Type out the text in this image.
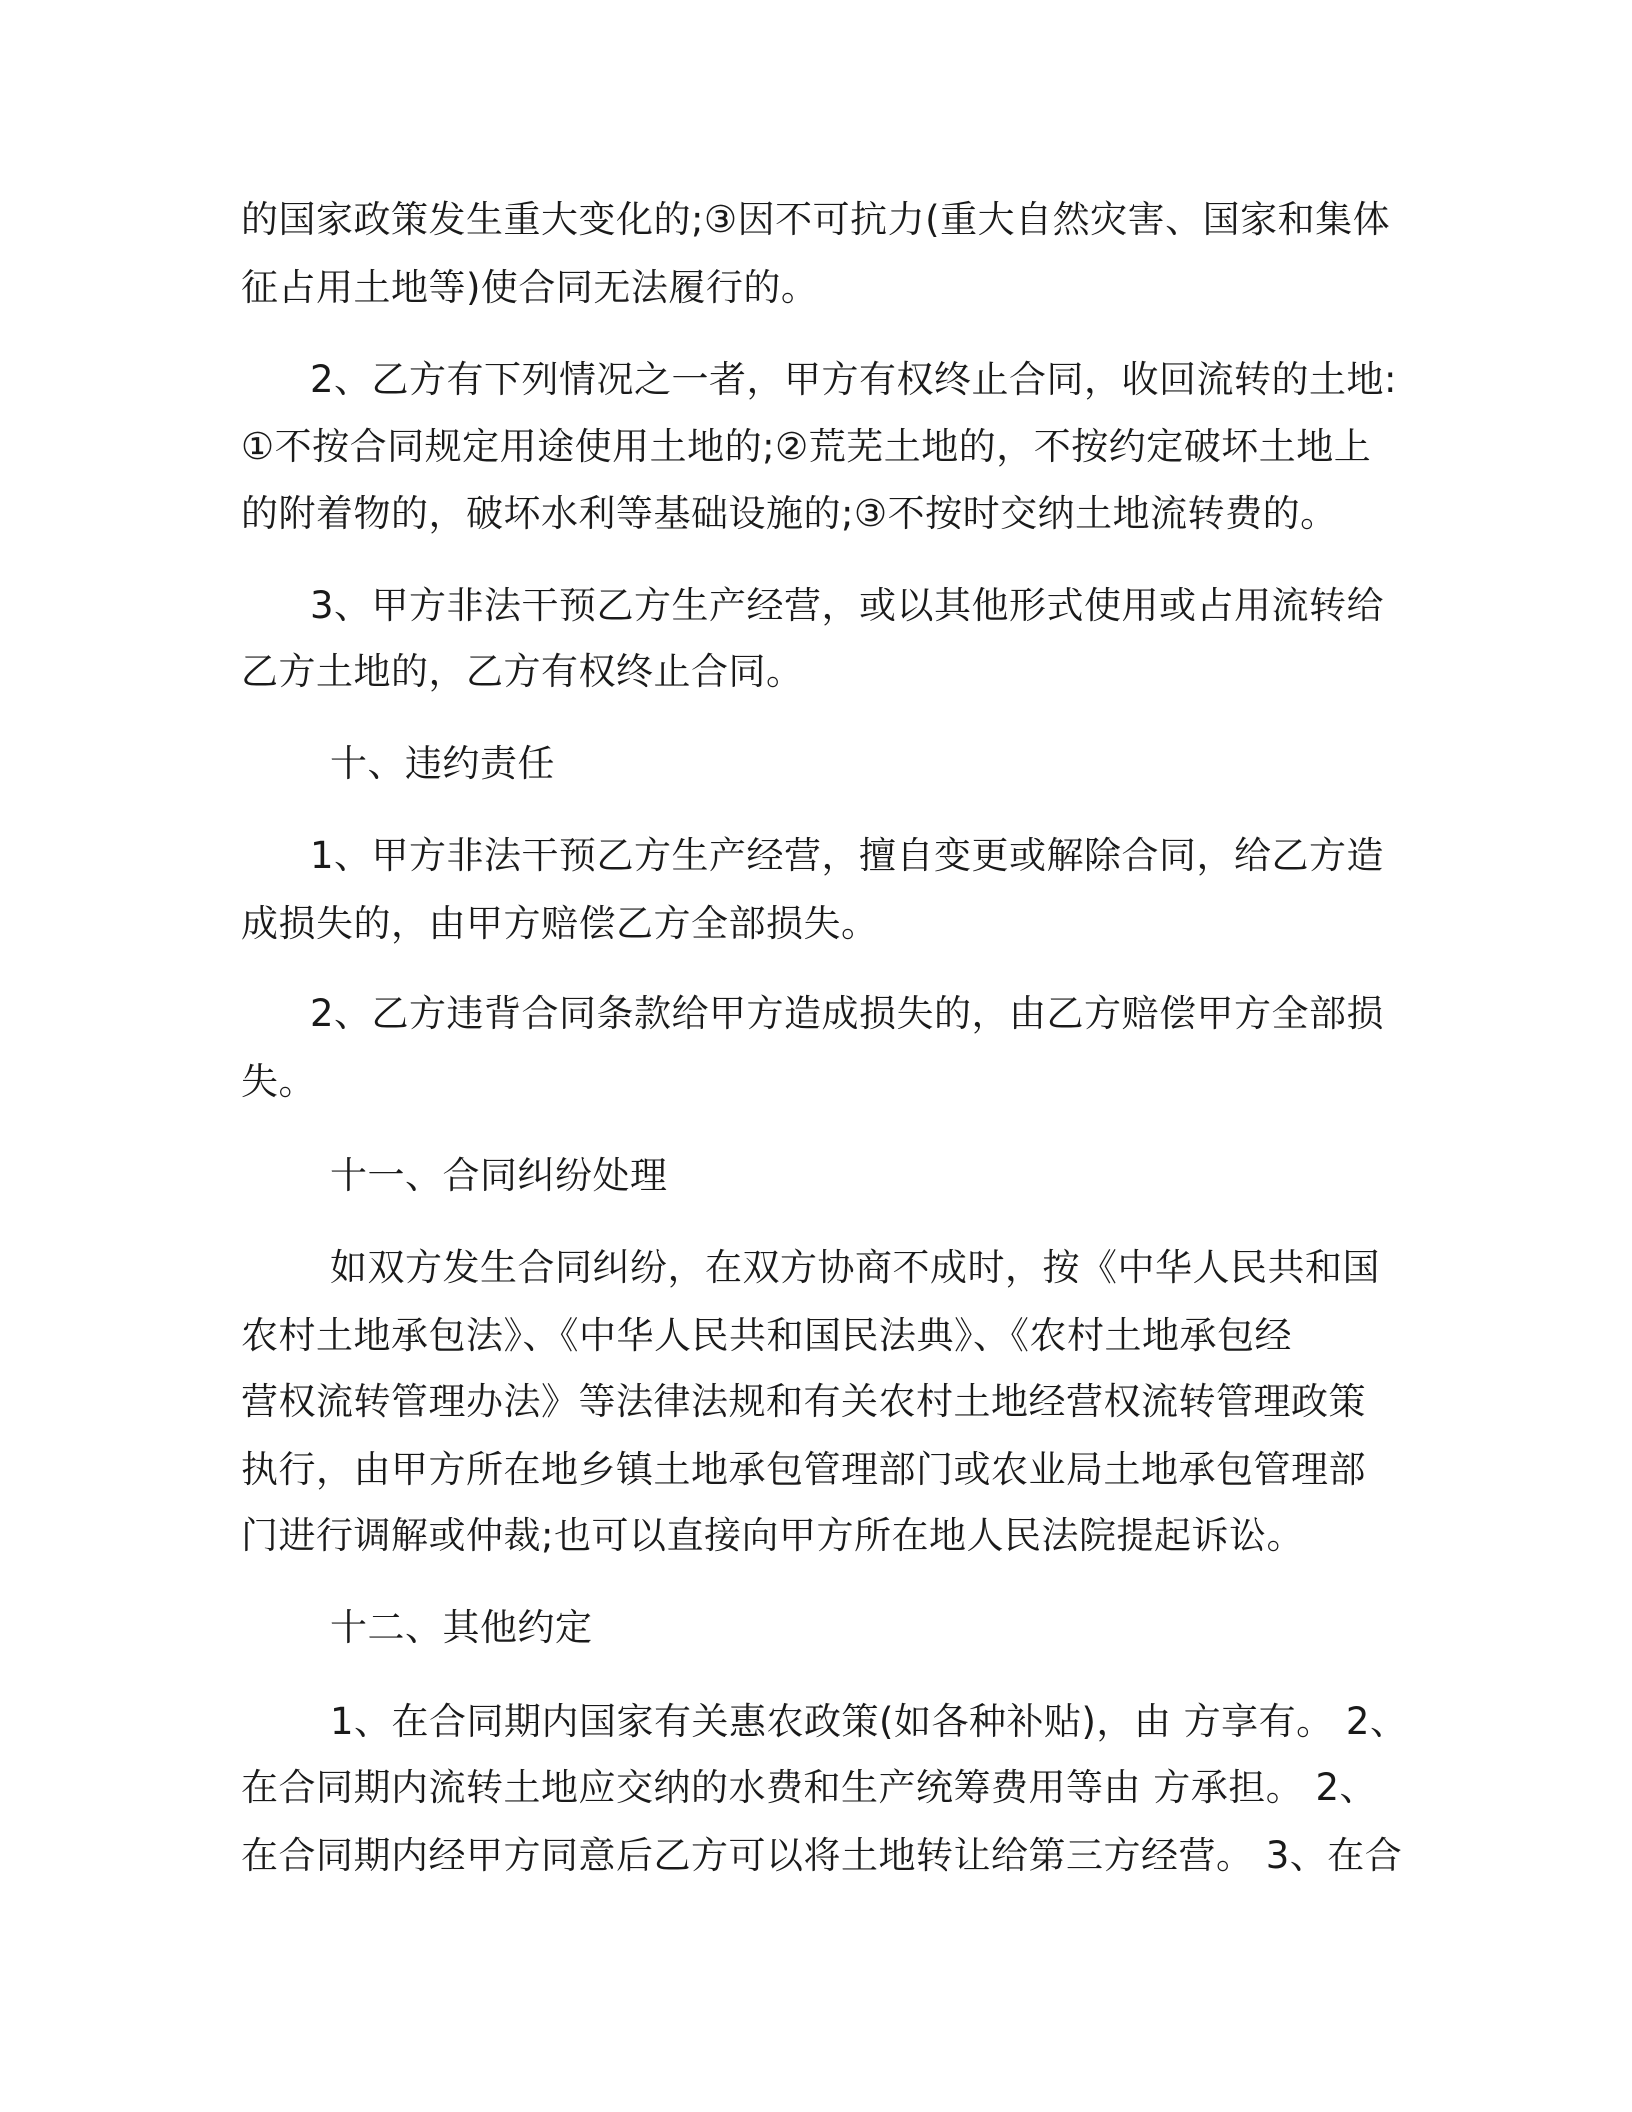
的国家政策发生重大变化的;③因不可抗力(重大自然灾害、国家和集体

征占用土地等)使合同无法履行的。

2、乙方有下列情况之一者，甲方有权终止合同，收回流转的土地:

①不按合同规定用途使用土地的;②荒芜土地的，不按约定破坏土地上

的附着物的，破坏水利等基础设施的;③不按时交纳土地流转费的。

3、甲方非法干预乙方生产经营，或以其他形式使用或占用流转给

乙方土地的，乙方有权终止合同。

十、违约责任

1、甲方非法干预乙方生产经营，擅自变更或解除合同，给乙方造

成损失的，由甲方赔偿乙方全部损失。

2、乙方违背合同条款给甲方造成损失的，由乙方赔偿甲方全部损

失。

十一、合同纠纷处理

如双方发生合同纠纷，在双方协商不成时，按《中华人民共和国

农村土地承包法》、《中华人民共和国民法典》、《农村土地承包经

营权流转管理办法》等法律法规和有关农村土地经营权流转管理政策

执行，由甲方所在地乡镇土地承包管理部门或农业局土地承包管理部

门进行调解或仲裁;也可以直接向甲方所在地人民法院提起诉讼。

十二、其他约定

1、在合同期内国家有关惠农政策(如各种补贴)，由 方享有。 2、

在合同期内流转土地应交纳的水费和生产统筹费用等由 方承担。 2、

在合同期内经甲方同意后乙方可以将土地转让给第三方经营。 3、在合
